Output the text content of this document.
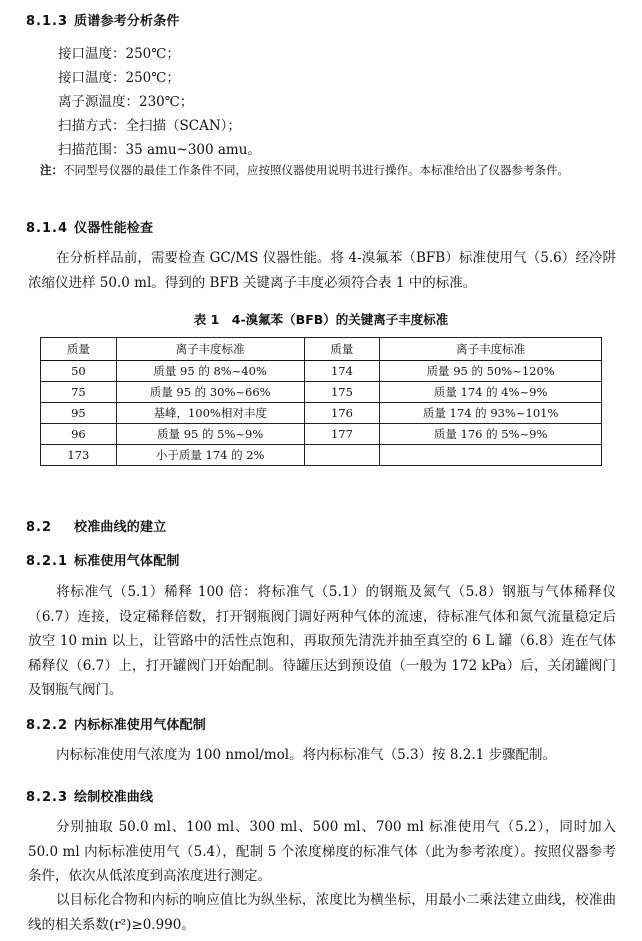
8.1.3 质谱参考分析条件
接口温度：250℃；
接口温度：250℃；
离子源温度：230℃；
扫描方式：全扫描（SCAN）；
扫描范围：35 amu~300 amu。

注：不同型号仪器的最佳工作条件不同，应按照仪器使用说明书进行操作。本标准给出了仪器参考条件。

8.1.4 仪器性能检查

在分析样品前，需要检查 GC/MS 仪器性能。将 4-溴氟苯（BFB）标准使用气（5.6）经冷阱浓缩仪进样 50.0 ml。得到的 BFB 关键离子丰度必须符合表 1 中的标准。

表 1　4-溴氟苯（BFB）的关键离子丰度标准
质量	离子丰度标准	质量	离子丰度标准
50	质量 95 的 8%~40%	174	质量 95 的 50%~120%
75	质量 95 的 30%~66%	175	质量 174 的 4%~9%
95	基峰，100%相对丰度	176	质量 174 的 93%~101%
96	质量 95 的 5%~9%	177	质量 176 的 5%~9%
173	小于质量 174 的 2%		
8.2 校准曲线的建立
8.2.1 标准使用气体配制

将标准气（5.1）稀释 100 倍：将标准气（5.1）的钢瓶及氮气（5.8）钢瓶与气体稀释仪（6.7）连接，设定稀释倍数，打开钢瓶阀门调好两种气体的流速，待标准气体和氮气流量稳定后放空 10 min 以上，让管路中的活性点饱和，再取预先清洗并抽至真空的 6 L 罐（6.8）连在气体稀释仪（6.7）上，打开罐阀门开始配制。待罐压达到预设值（一般为 172 kPa）后，关闭罐阀门及钢瓶气阀门。

8.2.2 内标标准使用气体配制

内标标准使用气浓度为 100 nmol/mol。将内标标准气（5.3）按 8.2.1 步骤配制。

8.2.3 绘制校准曲线

分别抽取 50.0 ml、100 ml、300 ml、500 ml、700 ml 标准使用气（5.2），同时加入 50.0 ml 内标标准使用气（5.4），配制 5 个浓度梯度的标准气体（此为参考浓度）。按照仪器参考条件，依次从低浓度到高浓度进行测定。

以目标化合物和内标的响应值比为纵坐标，浓度比为横坐标，用最小二乘法建立曲线，校准曲线的相关系数(r²)≥0.990。
